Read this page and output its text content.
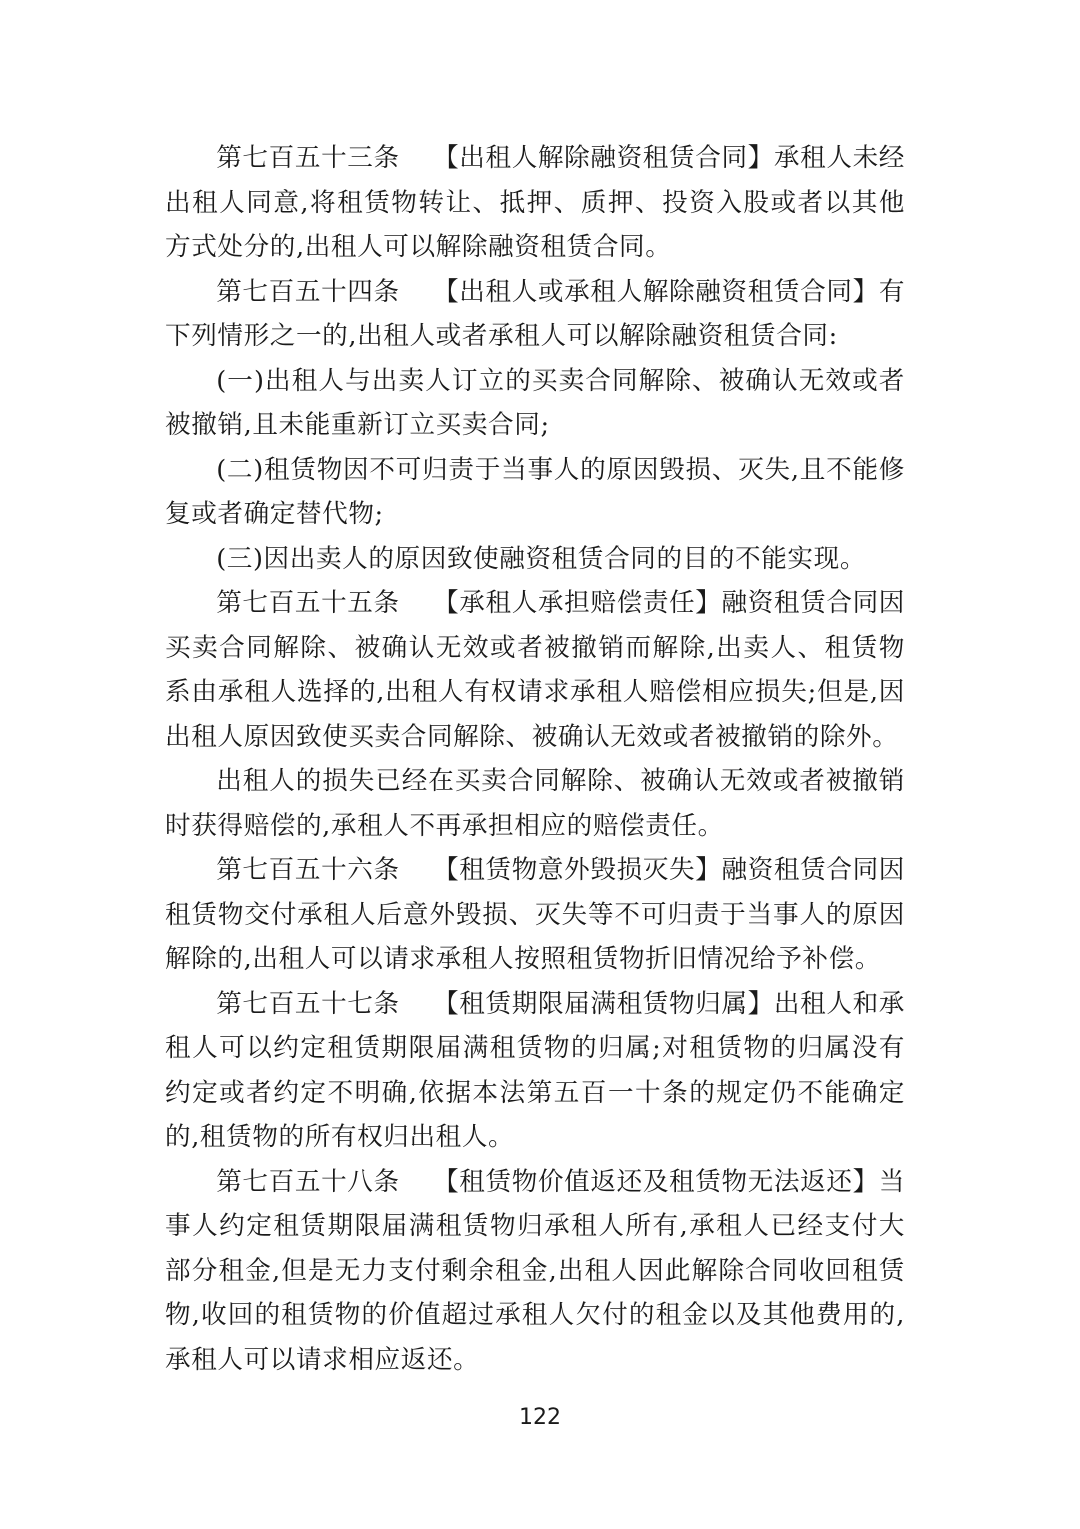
第七百五十三条 【出租人解除融资租赁合同】承租人未经出租人同意,将租赁物转让、抵押、质押、投资入股或者以其他方式处分的,出租人可以解除融资租赁合同。

第七百五十四条 【出租人或承租人解除融资租赁合同】有下列情形之一的,出租人或者承租人可以解除融资租赁合同:

(一)出租人与出卖人订立的买卖合同解除、被确认无效或者被撤销,且未能重新订立买卖合同;

(二)租赁物因不可归责于当事人的原因毁损、灭失,且不能修复或者确定替代物;

(三)因出卖人的原因致使融资租赁合同的目的不能实现。

第七百五十五条 【承租人承担赔偿责任】融资租赁合同因买卖合同解除、被确认无效或者被撤销而解除,出卖人、租赁物系由承租人选择的,出租人有权请求承租人赔偿相应损失;但是,因出租人原因致使买卖合同解除、被确认无效或者被撤销的除外。

出租人的损失已经在买卖合同解除、被确认无效或者被撤销时获得赔偿的,承租人不再承担相应的赔偿责任。

第七百五十六条 【租赁物意外毁损灭失】融资租赁合同因租赁物交付承租人后意外毁损、灭失等不可归责于当事人的原因解除的,出租人可以请求承租人按照租赁物折旧情况给予补偿。

第七百五十七条 【租赁期限届满租赁物归属】出租人和承租人可以约定租赁期限届满租赁物的归属;对租赁物的归属没有约定或者约定不明确,依据本法第五百一十条的规定仍不能确定的,租赁物的所有权归出租人。

第七百五十八条 【租赁物价值返还及租赁物无法返还】当事人约定租赁期限届满租赁物归承租人所有,承租人已经支付大部分租金,但是无力支付剩余租金,出租人因此解除合同收回租赁物,收回的租赁物的价值超过承租人欠付的租金以及其他费用的,承租人可以请求相应返还。

122
